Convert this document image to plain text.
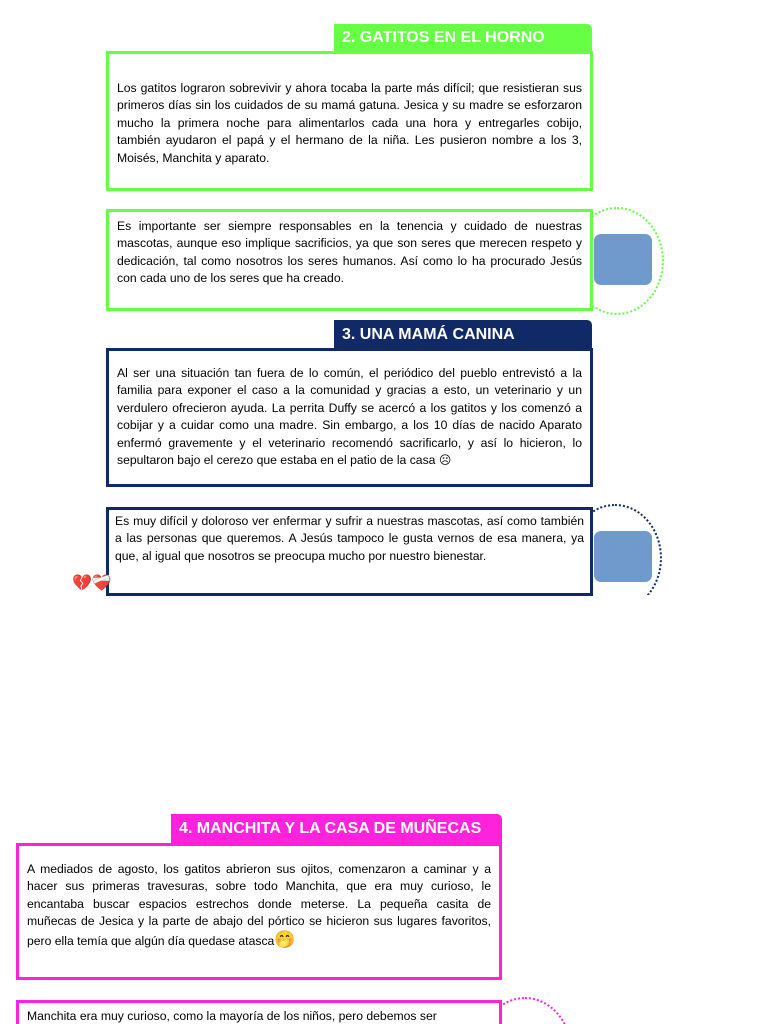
2. GATITOS EN EL HORNO

Los gatitos lograron sobrevivir y ahora tocaba la parte más difícil; que resistieran sus primeros días sin los cuidados de su mamá gatuna. Jesica y su madre se esforzaron mucho la primera noche para alimentarlos cada una hora y entregarles cobijo, también ayudaron el papá y el hermano de la niña. Les pusieron nombre a los 3, Moisés, Manchita y aparato.

Es importante ser siempre responsables en la tenencia y cuidado de nuestras mascotas, aunque eso implique sacrificios, ya que son seres que merecen respeto y dedicación, tal como nosotros los seres humanos. Así como lo ha procurado Jesús con cada uno de los seres que ha creado.

3. UNA MAMÁ CANINA

Al ser una situación tan fuera de lo común, el periódico del pueblo entrevistó a la familia para exponer el caso a la comunidad y gracias a esto, un veterinario y un verdulero ofrecieron ayuda. La perrita Duffy se acercó a los gatitos y los comenzó a cobijar y a cuidar como una madre. Sin embargo, a los 10 días de nacido Aparato enfermó gravemente y el veterinario recomendó sacrificarlo, y así lo hicieron, lo sepultaron bajo el cerezo que estaba en el patio de la casa ☹

Es muy difícil y doloroso ver enfermar y sufrir a nuestras mascotas, así como también a las personas que queremos. A Jesús tampoco le gusta vernos de esa manera, ya que, al igual que nosotros se preocupa mucho por nuestro bienestar.

💔❤️‍🩹
4. MANCHITA Y LA CASA DE MUÑECAS

A mediados de agosto, los gatitos abrieron sus ojitos, comenzaron a caminar y a hacer sus primeras travesuras, sobre todo Manchita, que era muy curioso, le encantaba buscar espacios estrechos donde meterse. La pequeña casita de muñecas de Jesica y la parte de abajo del pórtico se hicieron sus lugares favoritos, pero ella temía que algún día quedase atasca🤭

Manchita era muy curioso, como la mayoría de los niños, pero debemos ser
